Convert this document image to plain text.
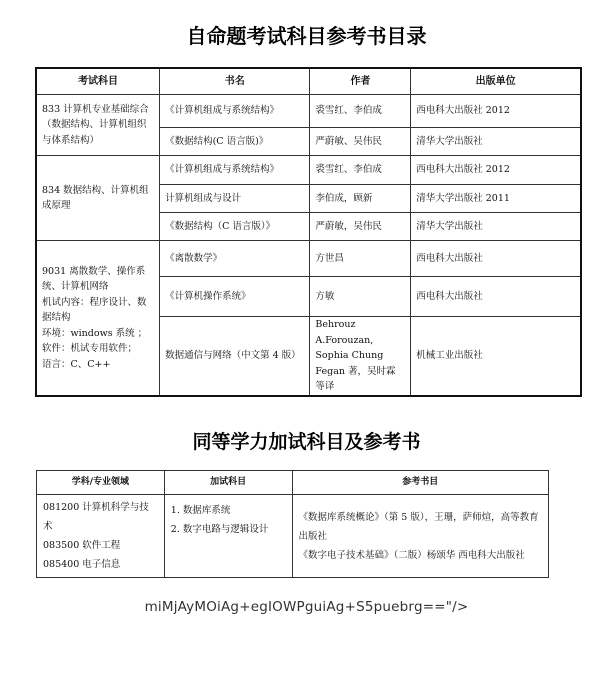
自命题考试科目参考书目录
考试科目	书名	作者	出版单位
833 计算机专业基础综合（数据结构、计算机组织与体系结构）	《计算机组成与系统结构》	裘雪红、李伯成	西电科大出版社 2012
	《数据结构(C 语言版)》	严蔚敏、吴伟民	清华大学出版社
834 数据结构、计算机组成原理	《计算机组成与系统结构》	裘雪红、李伯成	西电科大出版社 2012
	计算机组成与设计	李伯成，顾新	清华大学出版社 2011
	《数据结构（C 语言版）》	严蔚敏，吴伟民	清华大学出版社

9031 离散数学、操作系统、计算机网络
机试内容：程序设计、数据结构
环境：windows 系统 ；
软件：机试专用软件；
语言：C、C++	《离散数学》	方世昌	西电科大出版社
	《计算机操作系统》	方敏	西电科大出版社
	数据通信与网络（中文第 4 版）	Behrouz A.Forouzan, Sophia Chung Fegan 著，吴时霖 等译	机械工业出版社
同等学力加试科目及参考书
学科/专业领域	加试科目	参考书目

081200 计算机科学与技术
083500 软件工程
085400 电子信息	1. 数据库系统
2. 数字电路与逻辑设计	《数据库系统概论》（第 5 版），王珊，萨师煊，高等教育出版社
《数字电子技术基础》（二版）杨颂华 西电科大出版社
miMjAyMOiAg+egIOWPguiAg+S5puebrg=="/>
